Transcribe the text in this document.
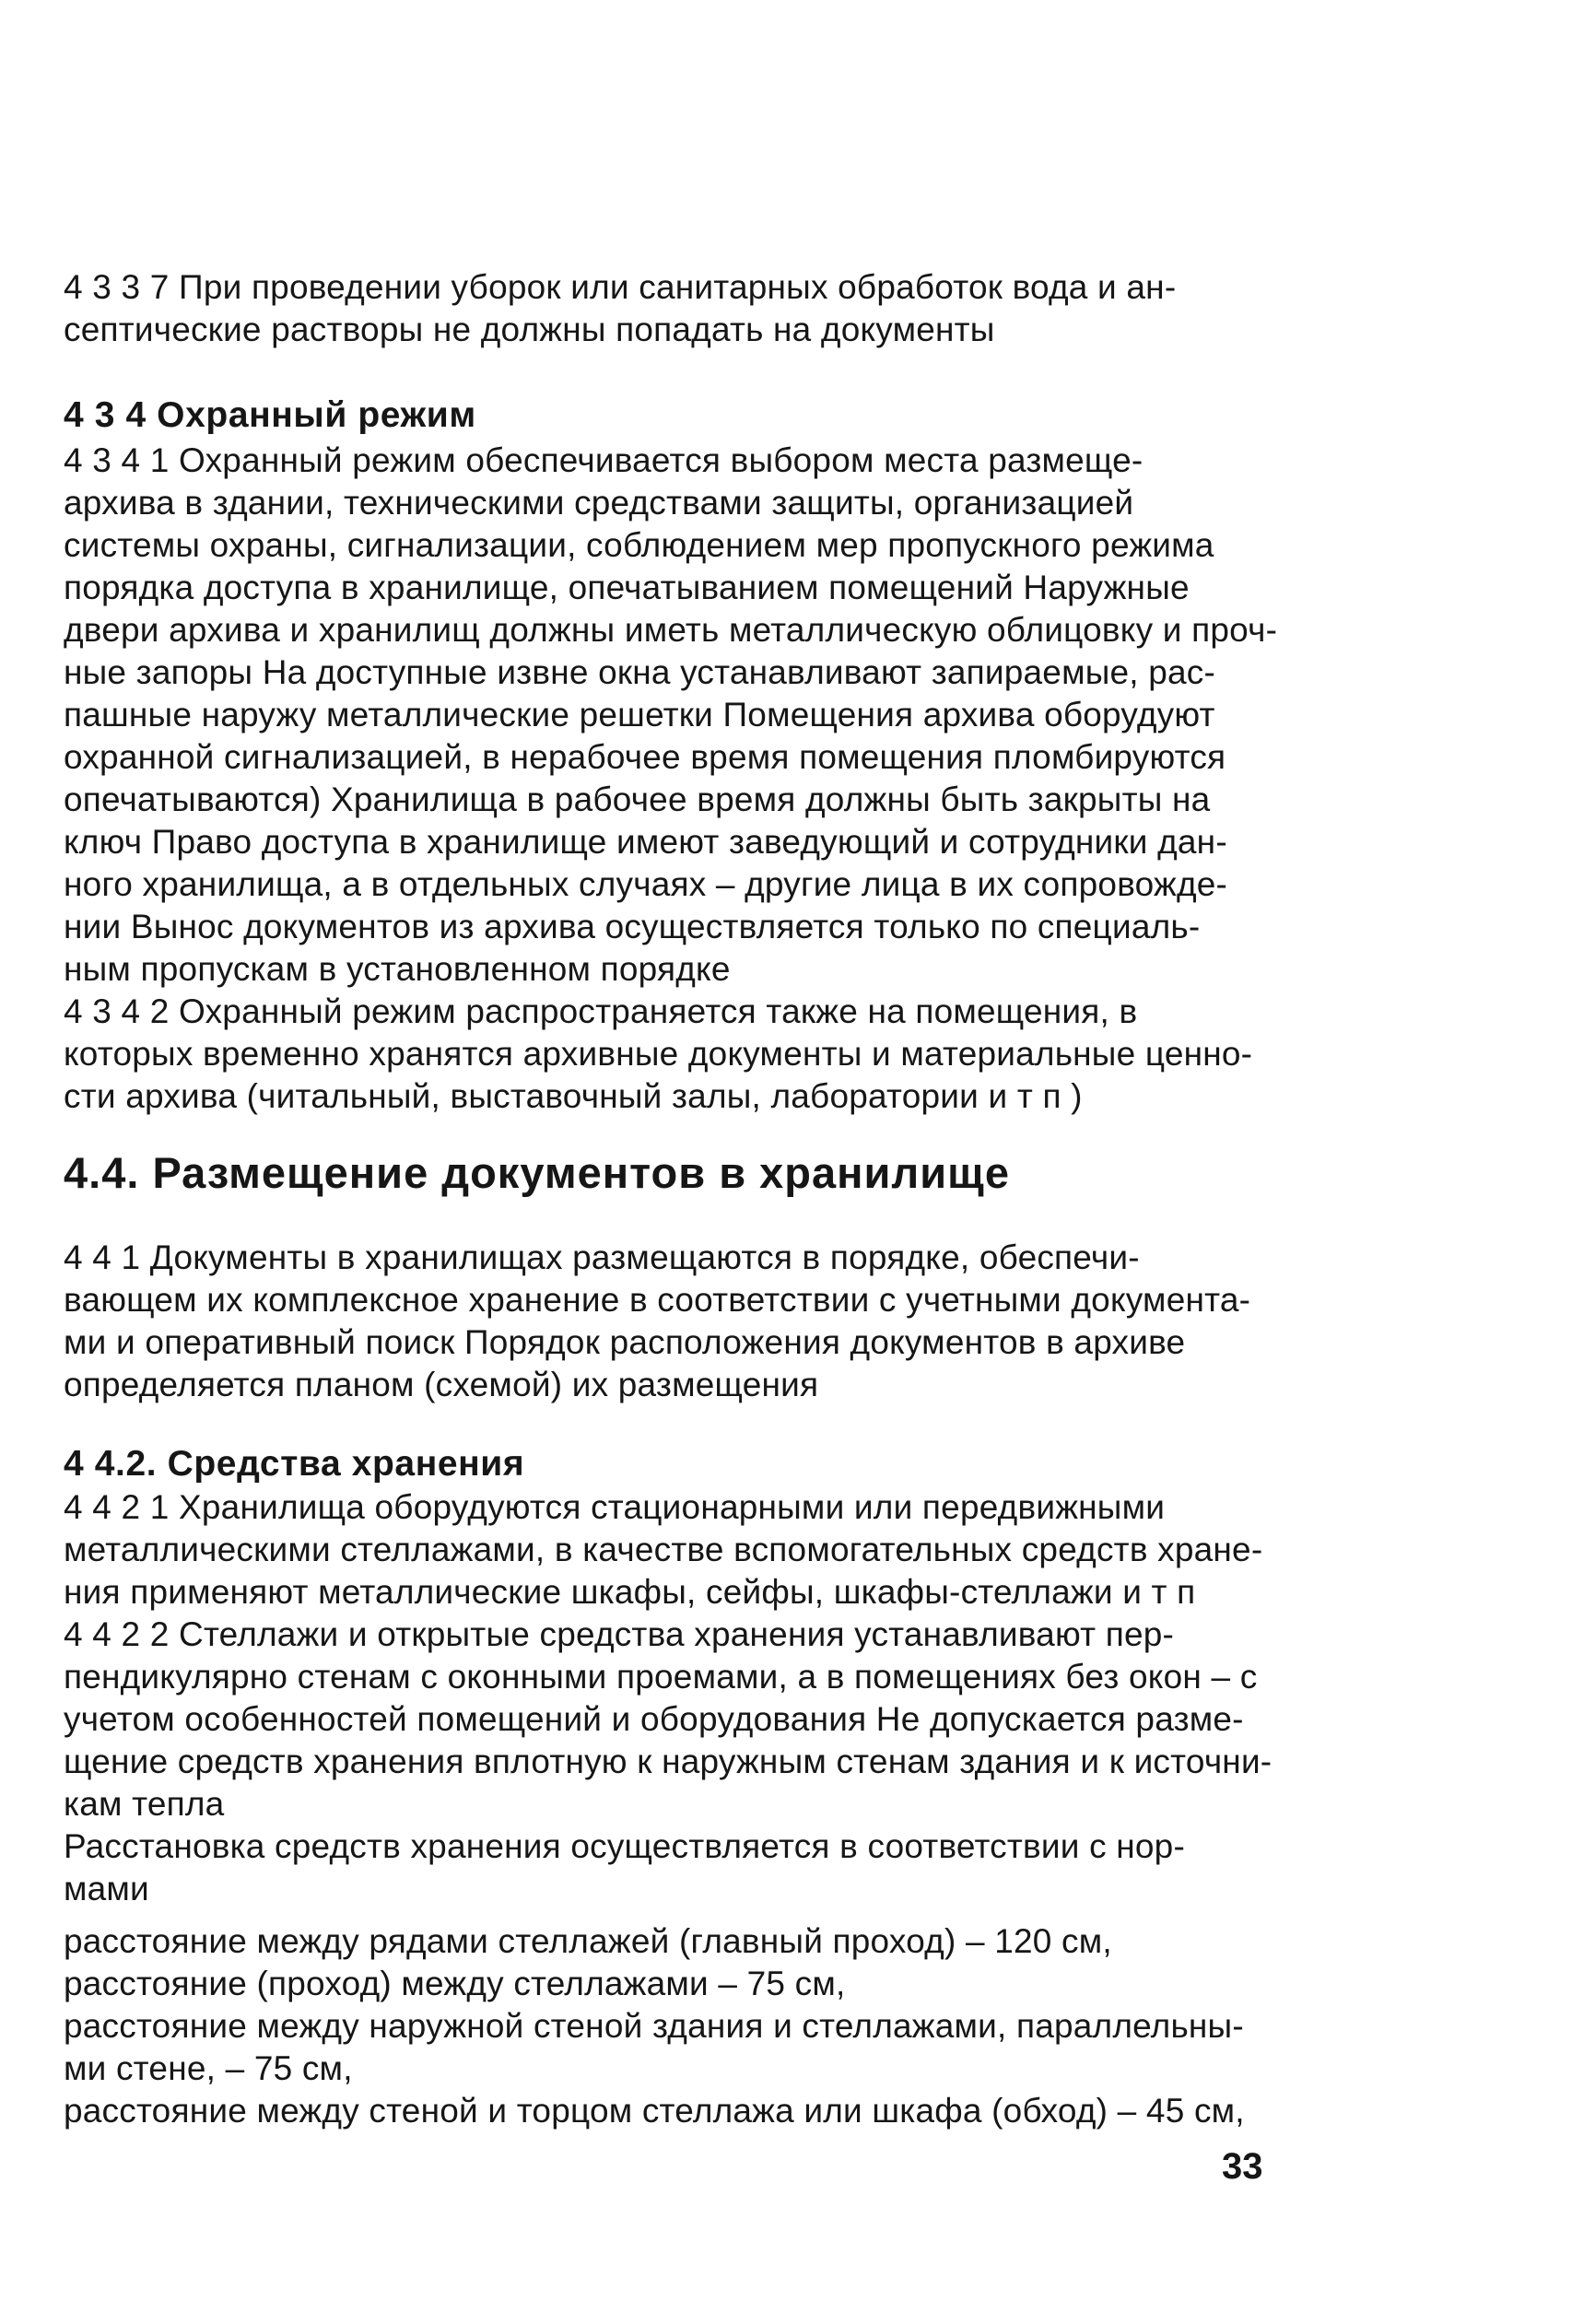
4 3 3 7 При проведении уборок или санитарных обработок вода и ан-
септические растворы не должны попадать на документы
4 3 4 Охранный режим
4 3 4 1 Охранный режим обеспечивается выбором места размеще-
архива в здании, техническими средствами защиты, организацией
системы охраны, сигнализации, соблюдением мер пропускного режима
порядка доступа в хранилище, опечатыванием помещений Наружные
двери архива и хранилищ должны иметь металлическую облицовку и проч-
ные запоры На доступные извне окна устанавливают запираемые, рас-
пашные наружу металлические решетки Помещения архива оборудуют
охранной сигнализацией, в нерабочее время помещения пломбируются
опечатываются) Хранилища в рабочее время должны быть закрыты на
ключ Право доступа в хранилище имеют заведующий и сотрудники дан-
ного хранилища, а в отдельных случаях – другие лица в их сопровожде-
нии Вынос документов из архива осуществляется только по специаль-
ным пропускам в установленном порядке
4 3 4 2 Охранный режим распространяется также на помещения, в
которых временно хранятся архивные документы и материальные ценно-
сти архива (читальный, выставочный залы, лаборатории и т п )
4.4. Размещение документов в хранилище
4 4 1 Документы в хранилищах размещаются в порядке, обеспечи-
вающем их комплексное хранение в соответствии с учетными документа-
ми и оперативный поиск Порядок расположения документов в архиве
определяется планом (схемой) их размещения
4 4.2. Средства хранения
4 4 2 1 Хранилища оборудуются стационарными или передвижными
металлическими стеллажами, в качестве вспомогательных средств хране-
ния применяют металлические шкафы, сейфы, шкафы-стеллажи и т п
4 4 2 2 Стеллажи и открытые средства хранения устанавливают пер-
пендикулярно стенам с оконными проемами, а в помещениях без окон – с
учетом особенностей помещений и оборудования Не допускается разме-
щение средств хранения вплотную к наружным стенам здания и к источни-
кам тепла
Расстановка средств хранения осуществляется в соответствии с нор-
мами
расстояние между рядами стеллажей (главный проход) – 120 см,
расстояние (проход) между стеллажами – 75 см,
расстояние между наружной стеной здания и стеллажами, параллельны-
ми стене, – 75 см,
расстояние между стеной и торцом стеллажа или шкафа (обход) – 45 см,
33
